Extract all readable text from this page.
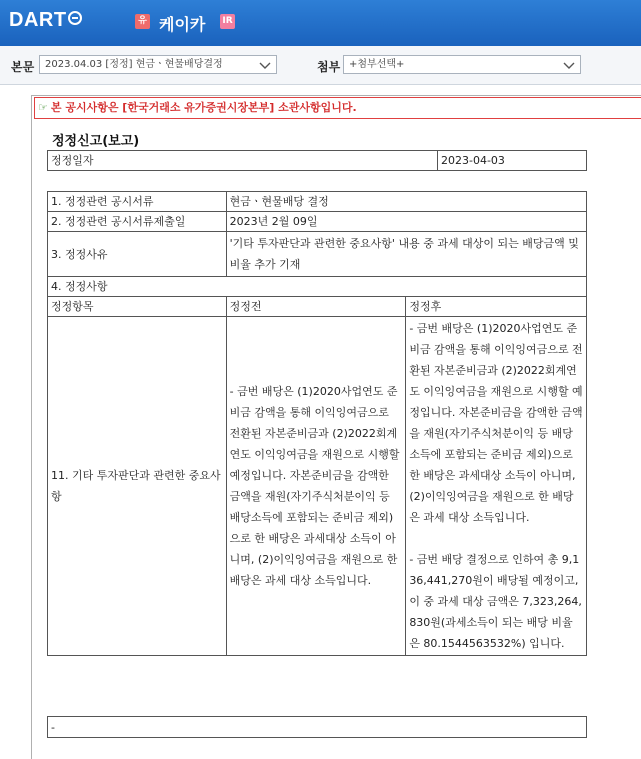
DART	유 케이카 IR
본문	2023.04.03 [정정] 현금ㆍ현물배당결정	첨부 +첨부선택+
☞ 본 공시사항은 [한국거래소 유가증권시장본부] 소관사항입니다.
정정신고(보고)
정정일자	2023-04-03
1. 정정관련 공시서류	현금ㆍ현물배당 결정	
2. 정정관련 공시서류제출일	2023년 2월 09일	
3. 정정사유	'기타 투자판단과 관련한 중요사항' 내용 중 과세 대상이 되는 배당금액 및 비율 추가 기재	
4. 정정사항		
정정항목	정정전	정정후
11. 기타 투자판단과 관련한 중요사항	- 금번 배당은 (1)2020사업연도 준비금 감액을 통해 이익잉여금으로 전환된 자본준비금과 (2)2022회계연도 이익잉여금을 재원으로 시행할 예정입니다. 자본준비금을 감액한 금액을 재원(자기주식처분이익 등 배당소득에 포함되는 준비금 제외)으로 한 배당은 과세대상 소득이 아니며, (2)이익잉여금을 재원으로 한 배당은 과세 대상 소득입니다.	- 금번 배당은 (1)2020사업연도 준비금 감액을 통해 이익잉여금으로 전환된 자본준비금과 (2)2022회계연도 이익잉여금을 재원으로 시행할 예정입니다. 자본준비금을 감액한 금액을 재원(자기주식처분이익 등 배당소득에 포함되는 준비금 제외)으로 한 배당은 과세대상 소득이 아니며, (2)이익잉여금을 재원으로 한 배당은 과세 대상 소득입니다.
- 금번 배당 결정으로 인하여 총 9,136,441,270원이 배당될 예정이고, 이 중 과세 대상 금액은 7,323,264,830원(과세소득이 되는 배당 비율은 80.1544563532%) 입니다.
-
